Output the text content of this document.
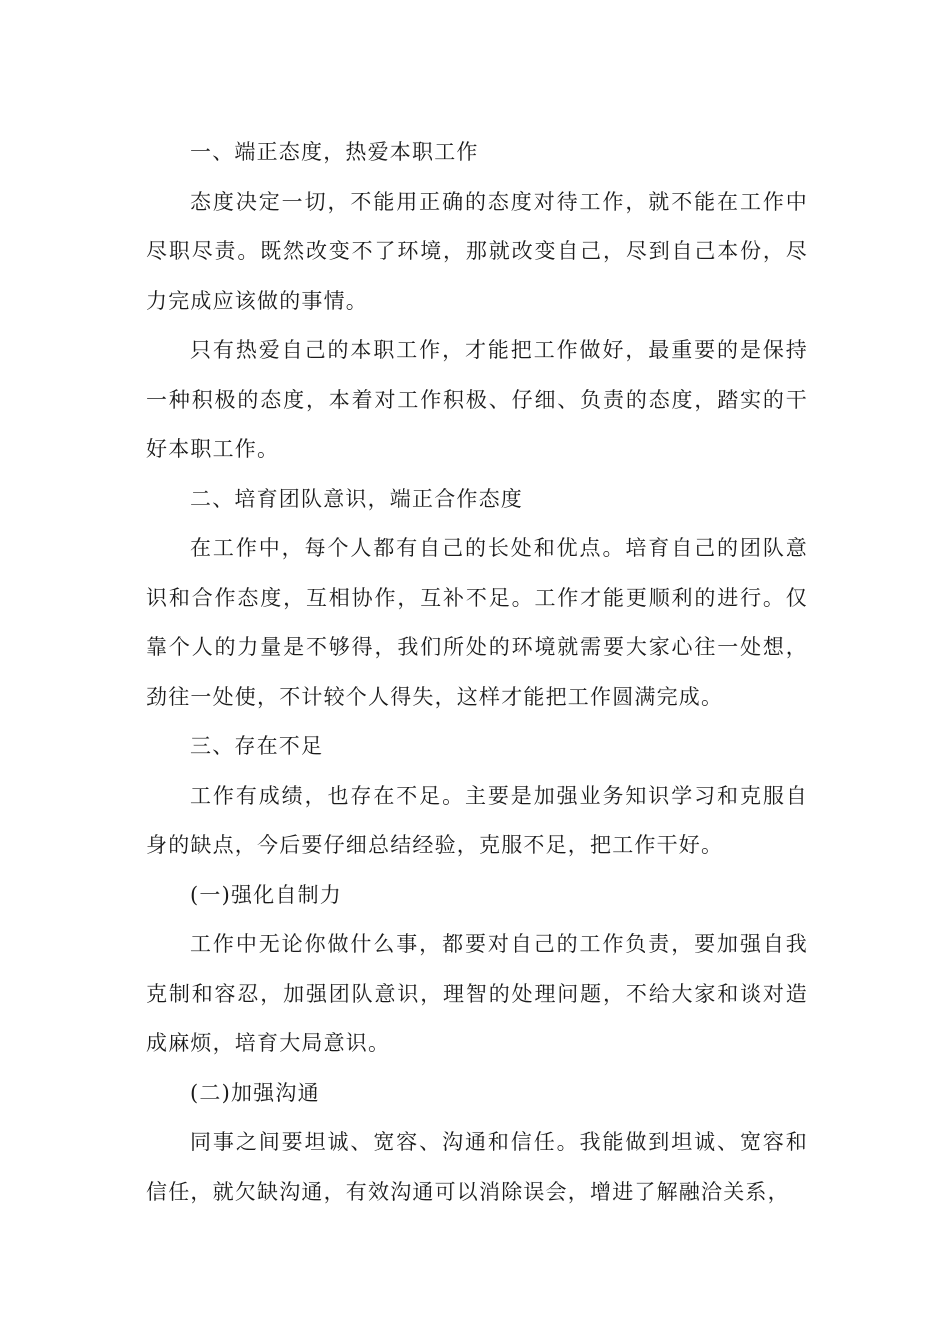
一、端正态度，热爱本职工作

态度决定一切，不能用正确的态度对待工作，就不能在工作中尽职尽责。既然改变不了环境，那就改变自己，尽到自己本份，尽力完成应该做的事情。

只有热爱自己的本职工作，才能把工作做好，最重要的是保持一种积极的态度，本着对工作积极、仔细、负责的态度，踏实的干好本职工作。

二、培育团队意识，端正合作态度

在工作中，每个人都有自己的长处和优点。培育自己的团队意识和合作态度，互相协作，互补不足。工作才能更顺利的进行。仅靠个人的力量是不够得，我们所处的环境就需要大家心往一处想，劲往一处使，不计较个人得失，这样才能把工作圆满完成。

三、存在不足

工作有成绩，也存在不足。主要是加强业务知识学习和克服自身的缺点，今后要仔细总结经验，克服不足，把工作干好。

(一)强化自制力

工作中无论你做什么事，都要对自己的工作负责，要加强自我克制和容忍，加强团队意识，理智的处理问题，不给大家和谈对造成麻烦，培育大局意识。

(二)加强沟通

同事之间要坦诚、宽容、沟通和信任。我能做到坦诚、宽容和信任，就欠缺沟通，有效沟通可以消除误会，增进了解融洽关系，
